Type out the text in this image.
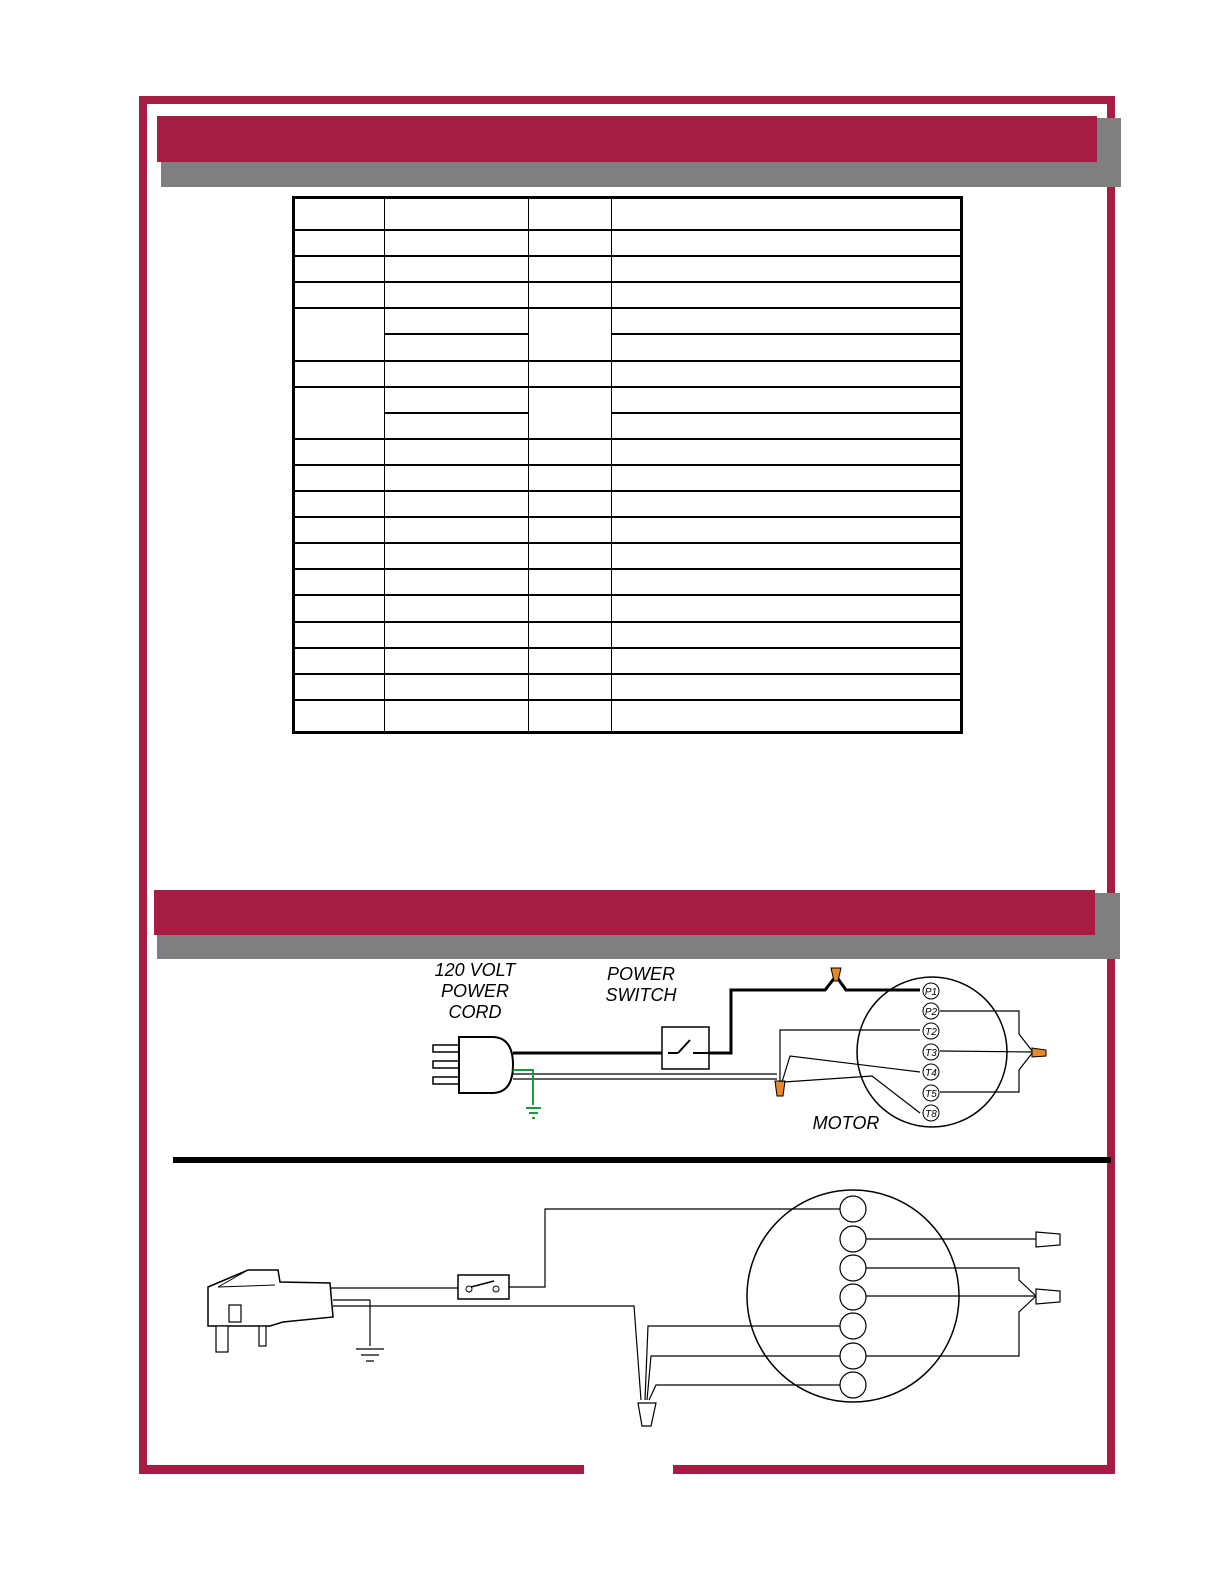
120 VOLT
POWER
CORD
POWER
SWITCH
MOTOR
P1
P2
T2
T3
T4
T5
T8
